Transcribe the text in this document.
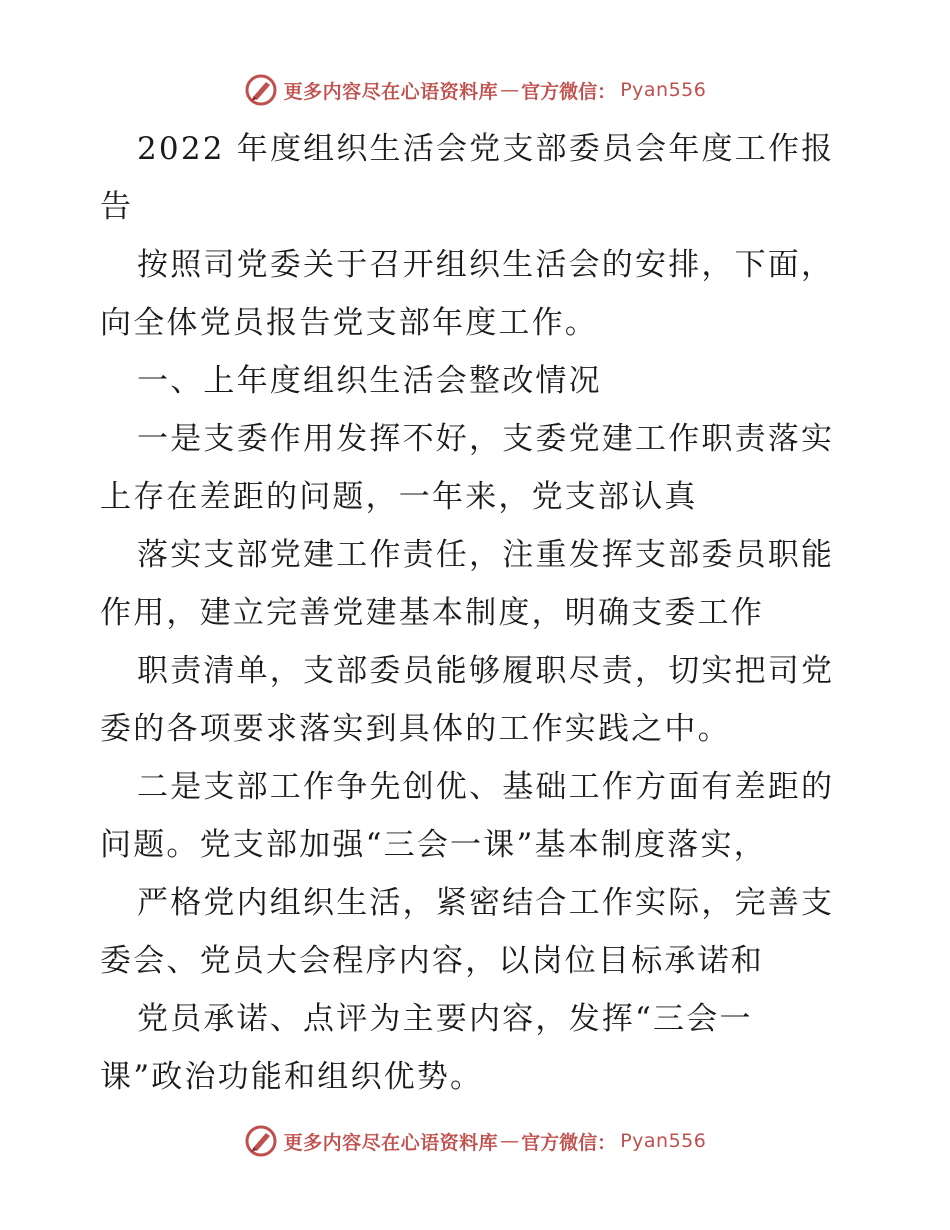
更多内容尽在心语资料库 — 官方微信： Pyan556
2022 年度组织生活会党支部委员会年度工作报
告
按照司党委关于召开组织生活会的安排，下面，
向全体党员报告党支部年度工作。
一、上年度组织生活会整改情况
一是支委作用发挥不好，支委党建工作职责落实
上存在差距的问题，一年来，党支部认真
落实支部党建工作责任，注重发挥支部委员职能
作用，建立完善党建基本制度，明确支委工作
职责清单，支部委员能够履职尽责，切实把司党
委的各项要求落实到具体的工作实践之中。
二是支部工作争先创优、基础工作方面有差距的
问题。党支部加强“三会一课”基本制度落实，
严格党内组织生活，紧密结合工作实际，完善支
委会、党员大会程序内容，以岗位目标承诺和
党员承诺、点评为主要内容，发挥“三会一
课”政治功能和组织优势。
更多内容尽在心语资料库 — 官方微信： Pyan556
